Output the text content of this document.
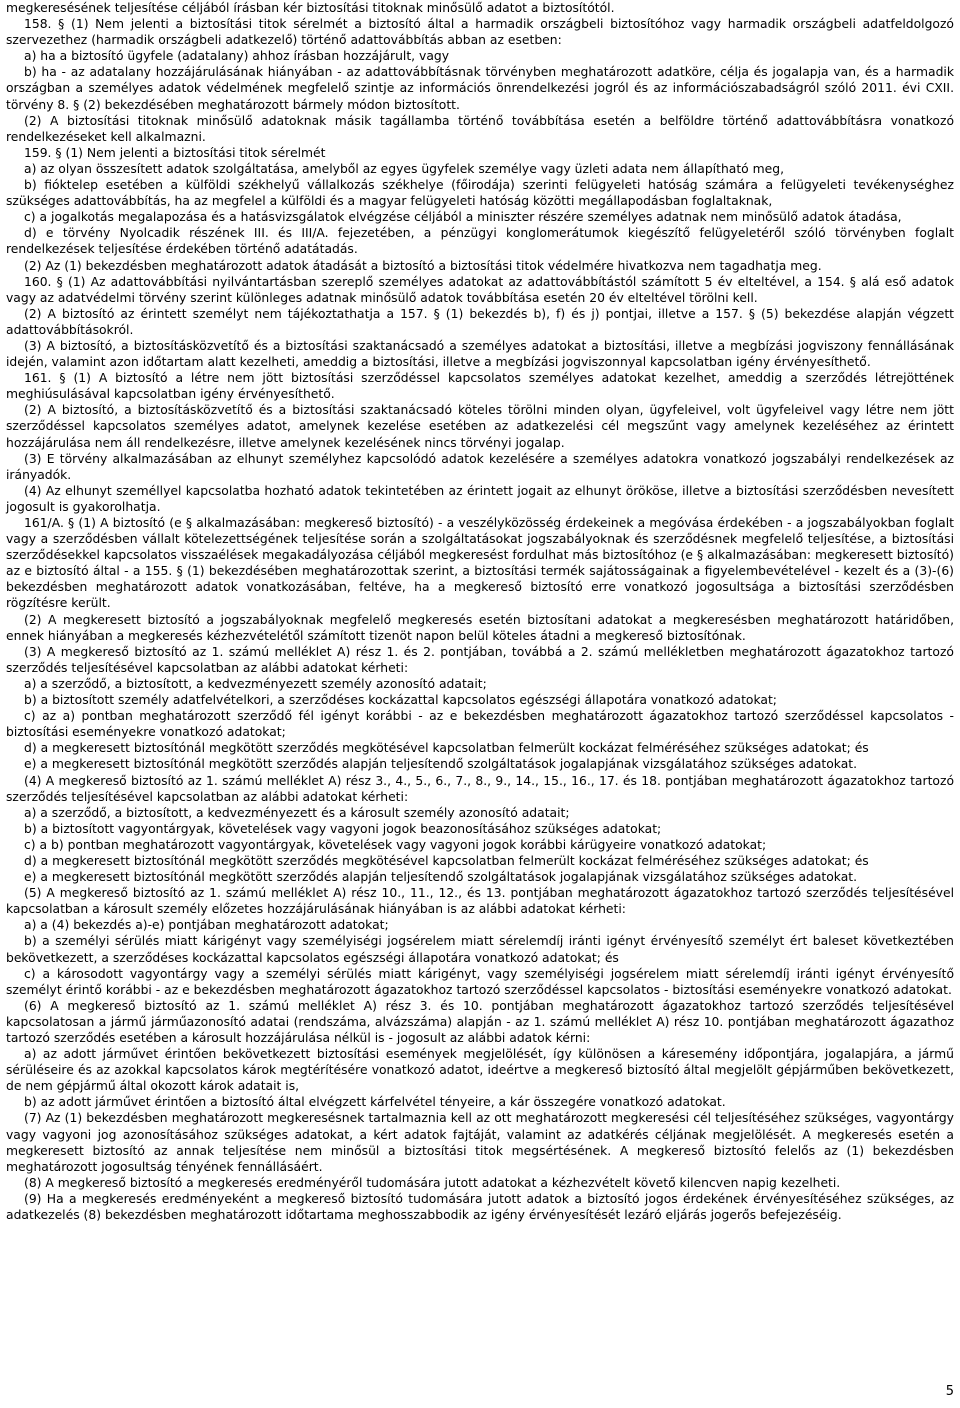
megkeresésének teljesítése céljából írásban kér biztosítási titoknak minősülő adatot a biztosítótól.

158. § (1) Nem jelenti a biztosítási titok sérelmét a biztosító által a harmadik országbeli biztosítóhoz vagy harmadik országbeli adatfeldolgozó szervezethez (harmadik országbeli adatkezelő) történő adattovábbítás abban az esetben:

a) ha a biztosító ügyfele (adatalany) ahhoz írásban hozzájárult, vagy

b) ha - az adatalany hozzájárulásának hiányában - az adattovábbításnak törvényben meghatározott adatköre, célja és jogalapja van, és a harmadik országban a személyes adatok védelmének megfelelő szintje az információs önrendelkezési jogról és az információszabadságról szóló 2011. évi CXII. törvény 8. § (2) bekezdésében meghatározott bármely módon biztosított.

(2) A biztosítási titoknak minősülő adatoknak másik tagállamba történő továbbítása esetén a belföldre történő adattovábbításra vonatkozó rendelkezéseket kell alkalmazni.

159. § (1) Nem jelenti a biztosítási titok sérelmét

a) az olyan összesített adatok szolgáltatása, amelyből az egyes ügyfelek személye vagy üzleti adata nem állapítható meg,

b) fióktelep esetében a külföldi székhelyű vállalkozás székhelye (főirodája) szerinti felügyeleti hatóság számára a felügyeleti tevékenységhez szükséges adattovábbítás, ha az megfelel a külföldi és a magyar felügyeleti hatóság közötti megállapodásban foglaltaknak,

c) a jogalkotás megalapozása és a hatásvizsgálatok elvégzése céljából a miniszter részére személyes adatnak nem minősülő adatok átadása,

d) e törvény Nyolcadik részének III. és III/A. fejezetében, a pénzügyi konglomerátumok kiegészítő felügyeletéről szóló törvényben foglalt rendelkezések teljesítése érdekében történő adatátadás.

(2) Az (1) bekezdésben meghatározott adatok átadását a biztosító a biztosítási titok védelmére hivatkozva nem tagadhatja meg.

160. § (1) Az adattovábbítási nyilvántartásban szereplő személyes adatokat az adattovábbítástól számított 5 év elteltével, a 154. § alá eső adatok vagy az adatvédelmi törvény szerint különleges adatnak minősülő adatok továbbítása esetén 20 év elteltével törölni kell.

(2) A biztosító az érintett személyt nem tájékoztathatja a 157. § (1) bekezdés b), f) és j) pontjai, illetve a 157. § (5) bekezdése alapján végzett adattovábbításokról.

(3) A biztosító, a biztosításközvetítő és a biztosítási szaktanácsadó a személyes adatokat a biztosítási, illetve a megbízási jogviszony fennállásának idején, valamint azon időtartam alatt kezelheti, ameddig a biztosítási, illetve a megbízási jogviszonnyal kapcsolatban igény érvényesíthető.

161. § (1) A biztosító a létre nem jött biztosítási szerződéssel kapcsolatos személyes adatokat kezelhet, ameddig a szerződés létrejöttének meghiúsulásával kapcsolatban igény érvényesíthető.

(2) A biztosító, a biztosításközvetítő és a biztosítási szaktanácsadó köteles törölni minden olyan, ügyfeleivel, volt ügyfeleivel vagy létre nem jött szerződéssel kapcsolatos személyes adatot, amelynek kezelése esetében az adatkezelési cél megszűnt vagy amelynek kezeléséhez az érintett hozzájárulása nem áll rendelkezésre, illetve amelynek kezelésének nincs törvényi jogalap.

(3) E törvény alkalmazásában az elhunyt személyhez kapcsolódó adatok kezelésére a személyes adatokra vonatkozó jogszabályi rendelkezések az irányadók.

(4) Az elhunyt személlyel kapcsolatba hozható adatok tekintetében az érintett jogait az elhunyt örököse, illetve a biztosítási szerződésben nevesített jogosult is gyakorolhatja.

161/A. § (1) A biztosító (e § alkalmazásában: megkereső biztosító) - a veszélyközösség érdekeinek a megóvása érdekében - a jogszabályokban foglalt vagy a szerződésben vállalt kötelezettségének teljesítése során a szolgáltatásokat jogszabályoknak és szerződésnek megfelelő teljesítése, a biztosítási szerződésekkel kapcsolatos visszaélések megakadályozása céljából megkeresést fordulhat más biztosítóhoz (e § alkalmazásában: megkeresett biztosító) az e biztosító által - a 155. § (1) bekezdésében meghatározottak szerint, a biztosítási termék sajátosságainak a figyelembevételével - kezelt és a (3)-(6) bekezdésben meghatározott adatok vonatkozásában, feltéve, ha a megkereső biztosító erre vonatkozó jogosultsága a biztosítási szerződésben rögzítésre került.

(2) A megkeresett biztosító a jogszabályoknak megfelelő megkeresés esetén biztosítani adatokat a megkeresésben meghatározott határidőben, ennek hiányában a megkeresés kézhezvételétől számított tizenöt napon belül köteles átadni a megkereső biztosítónak.

(3) A megkereső biztosító az 1. számú melléklet A) rész 1. és 2. pontjában, továbbá a 2. számú mellékletben meghatározott ágazatokhoz tartozó szerződés teljesítésével kapcsolatban az alábbi adatokat kérheti:

a) a szerződő, a biztosított, a kedvezményezett személy azonosító adatait;

b) a biztosított személy adatfelvételkori, a szerződéses kockázattal kapcsolatos egészségi állapotára vonatkozó adatokat;

c) az a) pontban meghatározott szerződő fél igényt korábbi - az e bekezdésben meghatározott ágazatokhoz tartozó szerződéssel kapcsolatos - biztosítási eseményekre vonatkozó adatokat;

d) a megkeresett biztosítónál megkötött szerződés megkötésével kapcsolatban felmerült kockázat felméréséhez szükséges adatokat; és

e) a megkeresett biztosítónál megkötött szerződés alapján teljesítendő szolgáltatások jogalapjának vizsgálatához szükséges adatokat.

(4) A megkereső biztosító az 1. számú melléklet A) rész 3., 4., 5., 6., 7., 8., 9., 14., 15., 16., 17. és 18. pontjában meghatározott ágazatokhoz tartozó szerződés teljesítésével kapcsolatban az alábbi adatokat kérheti:

a) a szerződő, a biztosított, a kedvezményezett és a károsult személy azonosító adatait;

b) a biztosított vagyontárgyak, követelések vagy vagyoni jogok beazonosításához szükséges adatokat;

c) a b) pontban meghatározott vagyontárgyak, követelések vagy vagyoni jogok korábbi kárügyeire vonatkozó adatokat;

d) a megkeresett biztosítónál megkötött szerződés megkötésével kapcsolatban felmerült kockázat felméréséhez szükséges adatokat; és

e) a megkeresett biztosítónál megkötött szerződés alapján teljesítendő szolgáltatások jogalapjának vizsgálatához szükséges adatokat.

(5) A megkereső biztosító az 1. számú melléklet A) rész 10., 11., 12., és 13. pontjában meghatározott ágazatokhoz tartozó szerződés teljesítésével kapcsolatban a károsult személy előzetes hozzájárulásának hiányában is az alábbi adatokat kérheti:

a) a (4) bekezdés a)-e) pontjában meghatározott adatokat;

b) a személyi sérülés miatt kárigényt vagy személyiségi jogsérelem miatt sérelemdíj iránti igényt érvényesítő személyt ért baleset következtében bekövetkezett, a szerződéses kockázattal kapcsolatos egészségi állapotára vonatkozó adatokat; és

c) a károsodott vagyontárgy vagy a személyi sérülés miatt kárigényt, vagy személyiségi jogsérelem miatt sérelemdíj iránti igényt érvényesítő személyt érintő korábbi - az e bekezdésben meghatározott ágazatokhoz tartozó szerződéssel kapcsolatos - biztosítási eseményekre vonatkozó adatokat.

(6) A megkereső biztosító az 1. számú melléklet A) rész 3. és 10. pontjában meghatározott ágazatokhoz tartozó szerződés teljesítésével kapcsolatosan a jármű járműazonosító adatai (rendszáma, alvázszáma) alapján - az 1. számú melléklet A) rész 10. pontjában meghatározott ágazathoz tartozó szerződés esetében a károsult hozzájárulása nélkül is - jogosult az alábbi adatok kérni:

a) az adott járművet érintően bekövetkezett biztosítási események megjelölését, így különösen a káresemény időpontjára, jogalapjára, a jármű sérüléseire és az azokkal kapcsolatos károk megtérítésére vonatkozó adatot, ideértve a megkereső biztosító által megjelölt gépjárműben bekövetkezett, de nem gépjármű által okozott károk adatait is,

b) az adott járművet érintően a biztosító által elvégzett kárfelvétel tényeire, a kár összegére vonatkozó adatokat.

(7) Az (1) bekezdésben meghatározott megkeresésnek tartalmaznia kell az ott meghatározott megkeresési cél teljesítéséhez szükséges, vagyontárgy vagy vagyoni jog azonosításához szükséges adatokat, a kért adatok fajtáját, valamint az adatkérés céljának megjelölését. A megkeresés esetén a megkeresett biztosító az annak teljesítése nem minősül a biztosítási titok megsértésének. A megkereső biztosító felelős az (1) bekezdésben meghatározott jogosultság tényének fennállásáért.

(8) A megkereső biztosító a megkeresés eredményéről tudomására jutott adatokat a kézhezvételt követő kilencven napig kezelheti.

(9) Ha a megkeresés eredményeként a megkereső biztosító tudomására jutott adatok a biztosító jogos érdekének érvényesítéséhez szükséges, az adatkezelés (8) bekezdésben meghatározott időtartama meghosszabbodik az igény érvényesítését lezáró eljárás jogerős befejezéséig.

5
